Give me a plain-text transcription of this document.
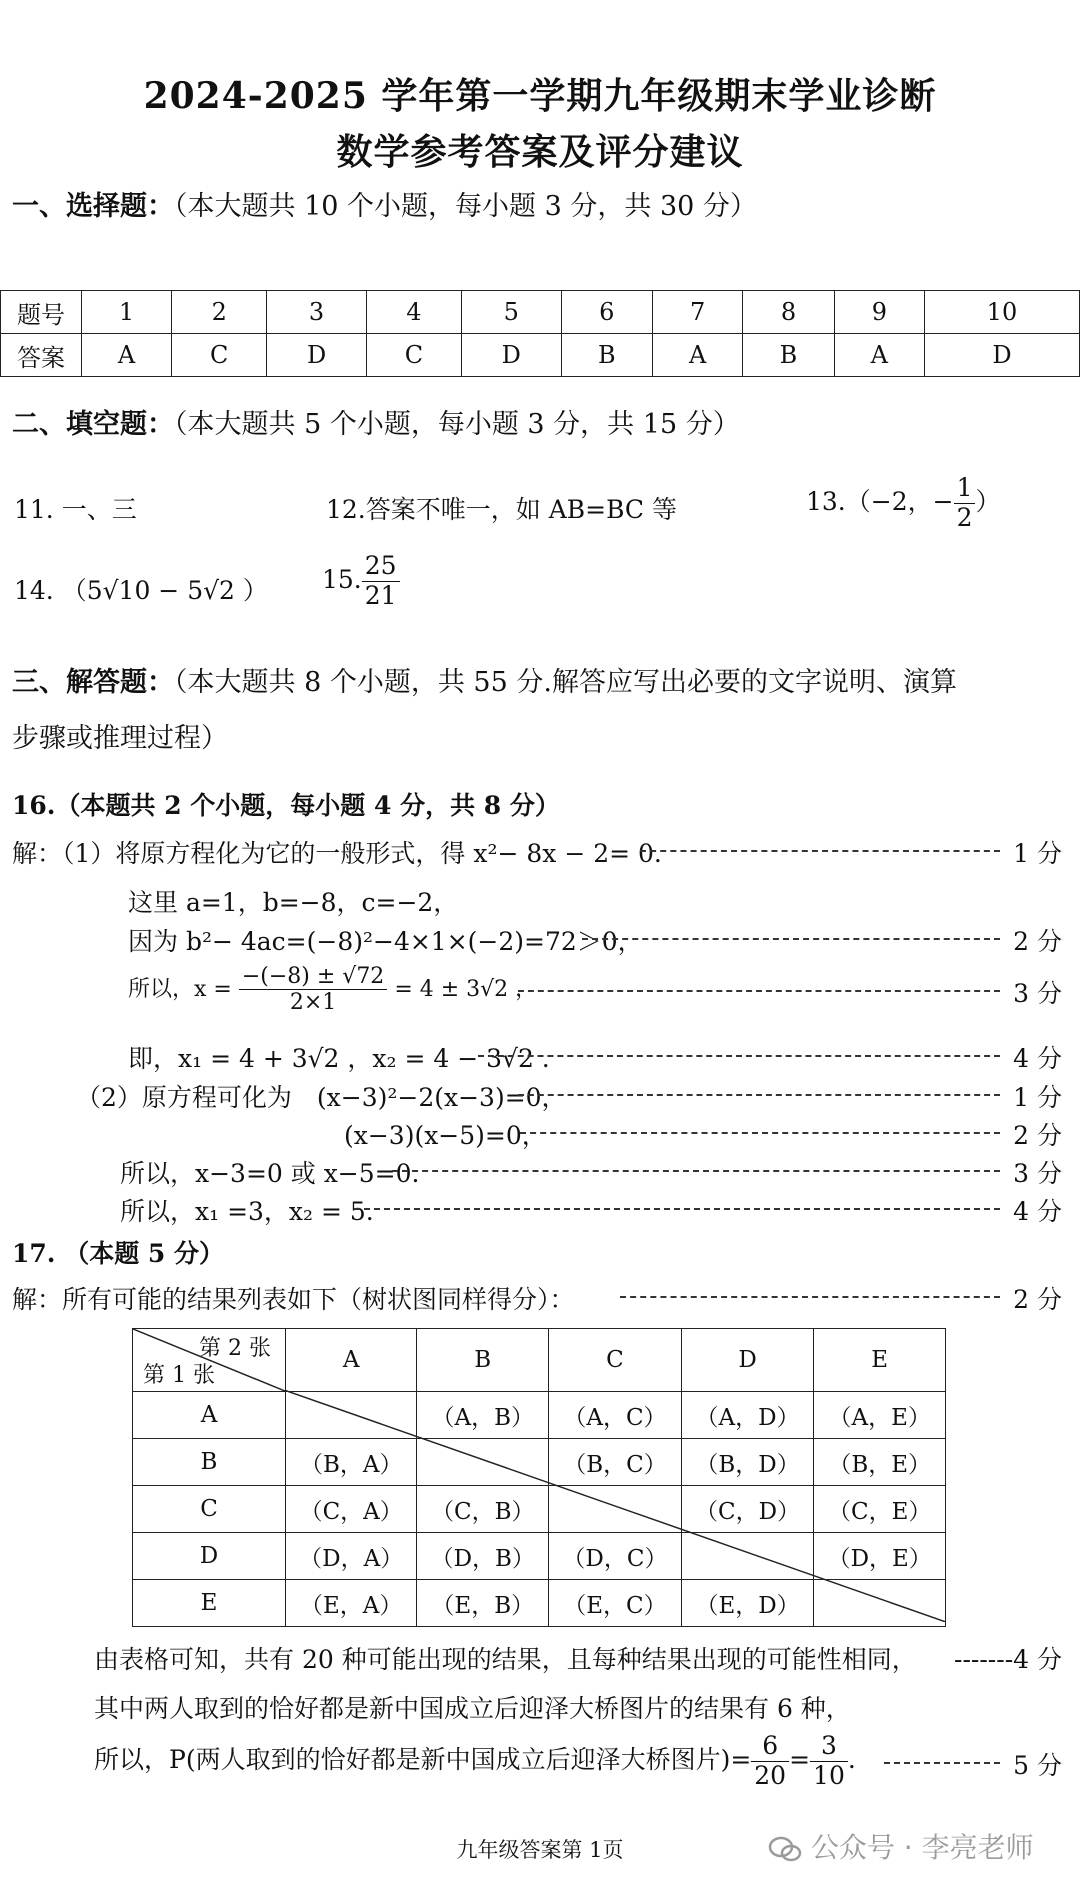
2024-2025 学年第一学期九年级期末学业诊断
数学参考答案及评分建议
一、选择题：（本大题共 10 个小题，每小题 3 分，共 30 分）
题号	1	2	3	4	5	6	7	8	9	10
答案	A	C	D	C	D	B	A	B	A	D
二、填空题：（本大题共 5 个小题，每小题 3 分，共 15 分）
11. 一、三	12.答案不唯一，如 AB=BC 等	13.（−2，− $\frac{1}{2}$ ）
14. （5√10 − 5√2 ） 15. $\frac{25}{21}$
三、解答题：（本大题共 8 个小题，共 55 分.解答应写出必要的文字说明、演算
步骤或推理过程）
16.（本题共 2 个小题，每小题 4 分，共 8 分）
解：（1）将原方程化为它的一般形式，得 x²− 8x − 2= 0.	1 分
这里 a=1，b=−8，c=−2，
因为 b²− 4ac=(−8)²−4×1×(−2)=72＞0，	2 分
所以，$x = \frac{-(-8) \pm √72}{2\times 1} = 4 \pm 3√2$ ，	3 分
即，x₁ = 4 + 3√2 ，x₂ = 4 − 3√2 .	4 分
（2）原方程可化为　(x−3)²−2(x−3)=0，	1 分
(x−3)(x−5)=0，	2 分
所以，x−3=0 或 x−5=0.	3 分
所以，x₁ =3，x₂ = 5.	4 分
17. （本题 5 分）
解：所有可能的结果列表如下（树状图同样得分）：	2 分
第 2 张
第 1 张	A	B	C	D	E
A		（A，B）	（A，C）	（A，D）	（A，E）
B	（B，A）		（B，C）	（B，D）	（B，E）
C	（C，A）	（C，B）		（C，D）	（C，E）
D	（D，A）	（D，B）	（D，C）		（D，E）
E	（E，A）	（E，B）	（E，C）	（E，D）	
由表格可知，共有 20 种可能出现的结果，且每种结果出现的可能性相同， -------4 分
其中两人取到的恰好都是新中国成立后迎泽大桥图片的结果有 6 种，
所以，P(两人取到的恰好都是新中国成立后迎泽大桥图片)= $\frac{6}{20} = \frac{3}{10}$ .	5 分
九年级答案第 1页	公众号 · 李亮老师
